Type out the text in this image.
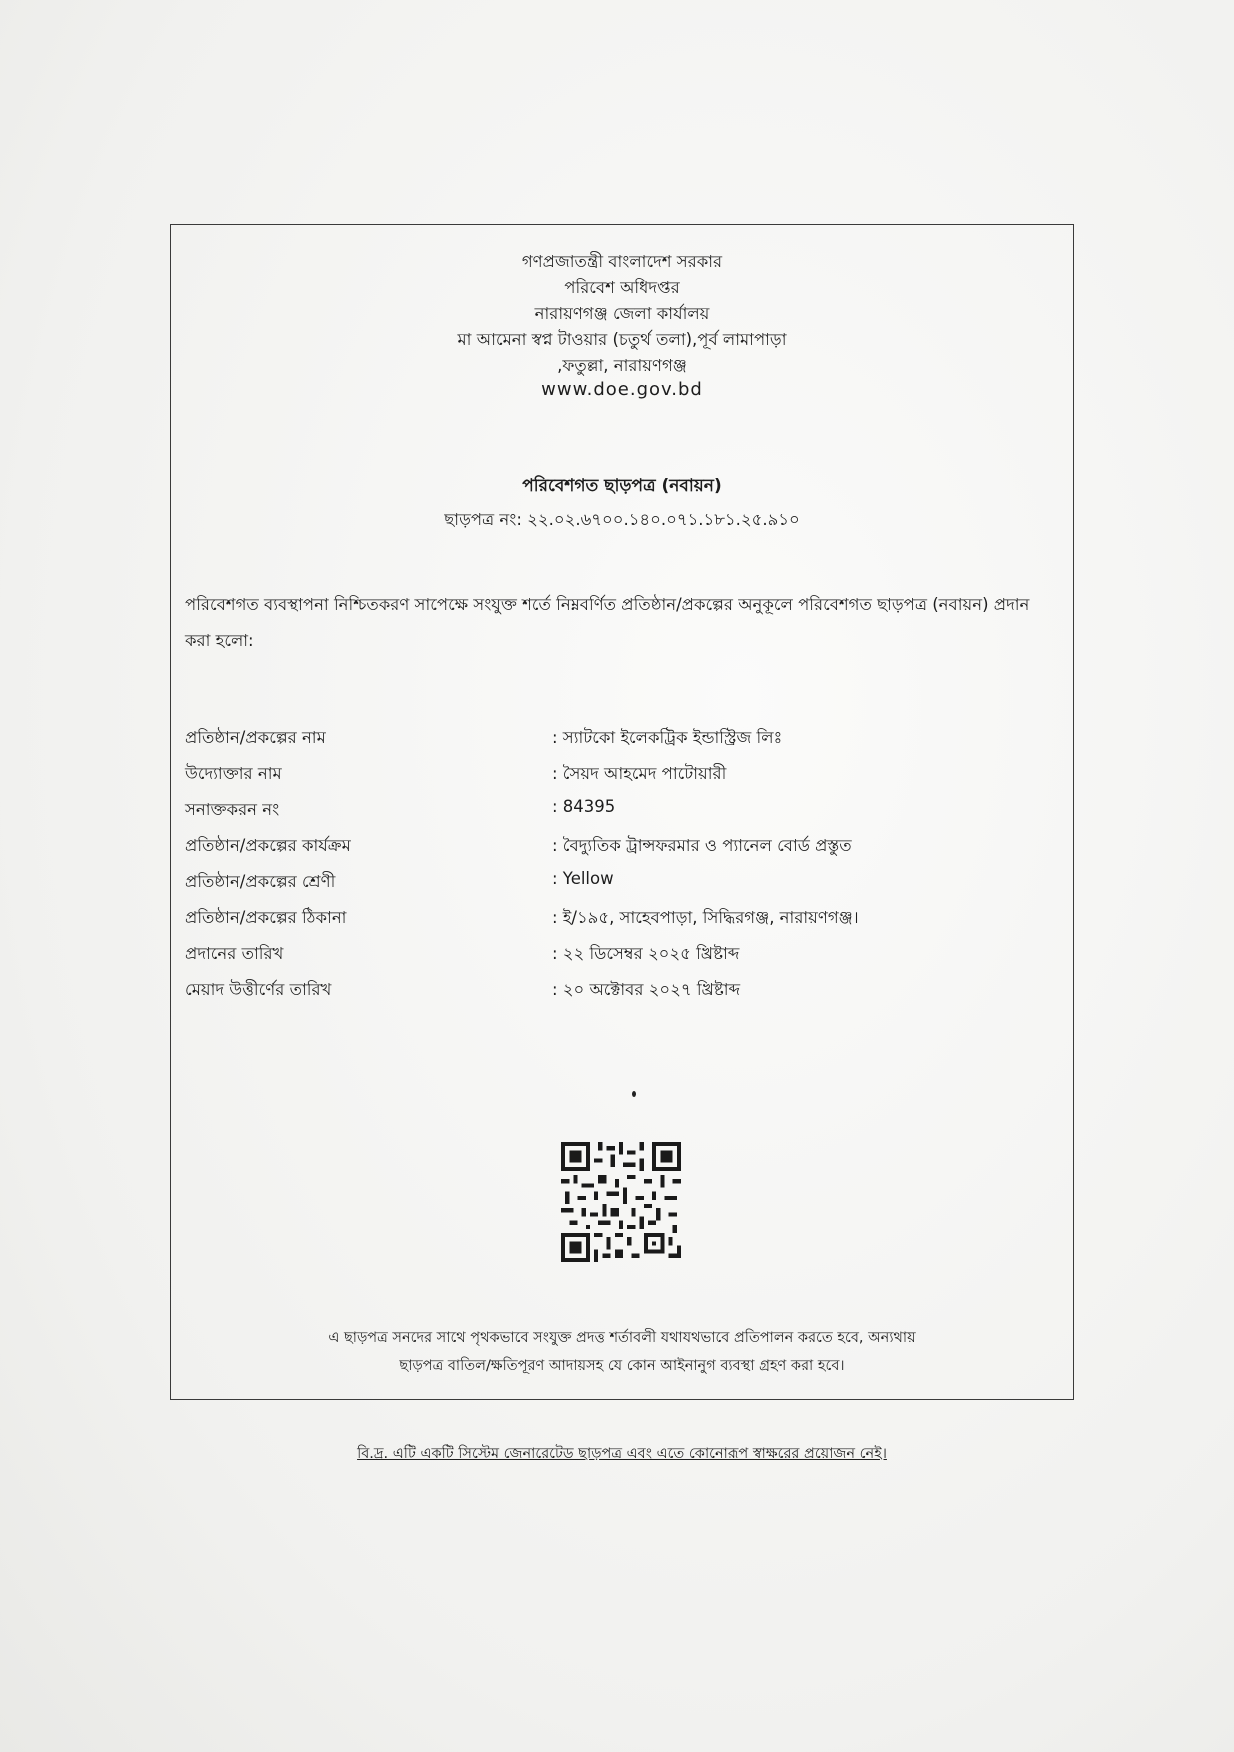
গণপ্রজাতন্ত্রী বাংলাদেশ সরকার
পরিবেশ অধিদপ্তর
নারায়ণগঞ্জ জেলা কার্যালয়
মা আমেনা স্বপ্ন টাওয়ার (চতুর্থ তলা),পূর্ব লামাপাড়া
,ফতুল্লা, নারায়ণগঞ্জ
www.doe.gov.bd
পরিবেশগত ছাড়পত্র (নবায়ন)
ছাড়পত্র নং: ২২.০২.৬৭০০.১৪০.০৭১.১৮১.২৫.৯১০
পরিবেশগত ব্যবস্থাপনা নিশ্চিতকরণ সাপেক্ষে সংযুক্ত শর্তে নিম্নবর্ণিত প্রতিষ্ঠান/প্রকল্পের অনুকূলে পরিবেশগত ছাড়পত্র (নবায়ন) প্রদান করা হলো:
প্রতিষ্ঠান/প্রকল্পের নাম	: স্যাটকো ইলেকট্রিক ইন্ডাস্ট্রিজ লিঃ
উদ্যোক্তার নাম	: সৈয়দ আহমেদ পাটোয়ারী
সনাক্তকরন নং	: 84395
প্রতিষ্ঠান/প্রকল্পের কার্যক্রম	: বৈদ্যুতিক ট্রান্সফরমার ও প্যানেল বোর্ড প্রস্তুত
প্রতিষ্ঠান/প্রকল্পের শ্রেণী	: Yellow
প্রতিষ্ঠান/প্রকল্পের ঠিকানা	: ই/১৯৫, সাহেবপাড়া, সিদ্ধিরগঞ্জ, নারায়ণগঞ্জ।
প্রদানের তারিখ	: ২২ ডিসেম্বর ২০২৫ খ্রিষ্টাব্দ
মেয়াদ উত্তীর্ণের তারিখ	: ২০ অক্টোবর ২০২৭ খ্রিষ্টাব্দ
এ ছাড়পত্র সনদের সাথে পৃথকভাবে সংযুক্ত প্রদত্ত শর্তাবলী যথাযথভাবে প্রতিপালন করতে হবে, অন্যথায়
ছাড়পত্র বাতিল/ক্ষতিপূরণ আদায়সহ যে কোন আইনানুগ ব্যবস্থা গ্রহণ করা হবে।
বি.দ্র. এটি একটি সিস্টেম জেনারেটেড ছাড়পত্র এবং এতে কোনোরূপ স্বাক্ষরের প্রয়োজন নেই।
